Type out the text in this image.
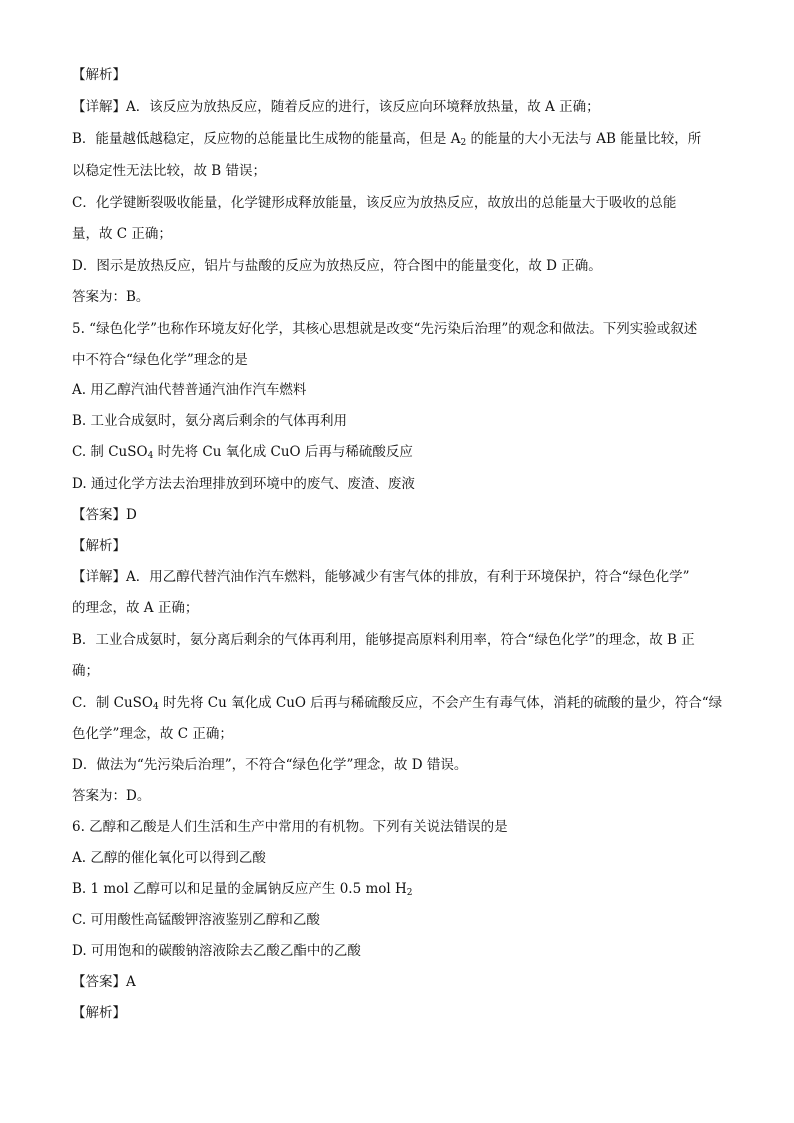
【解析】
【详解】A．该反应为放热反应，随着反应的进行，该反应向环境释放热量，故 A 正确；
B．能量越低越稳定，反应物的总能量比生成物的能量高，但是 $A_2$ 的能量的大小无法与 AB 能量比较，所
以稳定性无法比较，故 B 错误；
C．化学键断裂吸收能量，化学键形成释放能量，该反应为放热反应，故放出的总能量大于吸收的总能
量，故 C 正确；
D．图示是放热反应，铝片与盐酸的反应为放热反应，符合图中的能量变化，故 D 正确。
答案为：B。
5. “绿色化学”也称作环境友好化学，其核心思想就是改变“先污染后治理”的观念和做法。下列实验或叙述
中不符合“绿色化学”理念的是
A. 用乙醇汽油代替普通汽油作汽车燃料
B. 工业合成氨时，氨分离后剩余的气体再利用
C. 制 CuSO$_4$ 时先将 Cu 氧化成 CuO 后再与稀硫酸反应
D. 通过化学方法去治理排放到环境中的废气、废渣、废液
【答案】D
【解析】
【详解】A．用乙醇代替汽油作汽车燃料，能够减少有害气体的排放，有利于环境保护，符合“绿色化学”
的理念，故 A 正确；
B．工业合成氨时，氨分离后剩余的气体再利用，能够提高原料利用率，符合“绿色化学”的理念，故 B 正
确；
C．制 CuSO$_4$ 时先将 Cu 氧化成 CuO 后再与稀硫酸反应，不会产生有毒气体，消耗的硫酸的量少，符合“绿
色化学”理念，故 C 正确；
D．做法为“先污染后治理”，不符合“绿色化学”理念，故 D 错误。
答案为：D。
6. 乙醇和乙酸是人们生活和生产中常用的有机物。下列有关说法错误的是
A. 乙醇的催化氧化可以得到乙酸
B. 1 mol 乙醇可以和足量的金属钠反应产生 0.5 mol $H_2$
C. 可用酸性高锰酸钾溶液鉴别乙醇和乙酸
D. 可用饱和的碳酸钠溶液除去乙酸乙酯中的乙酸
【答案】A
【解析】
